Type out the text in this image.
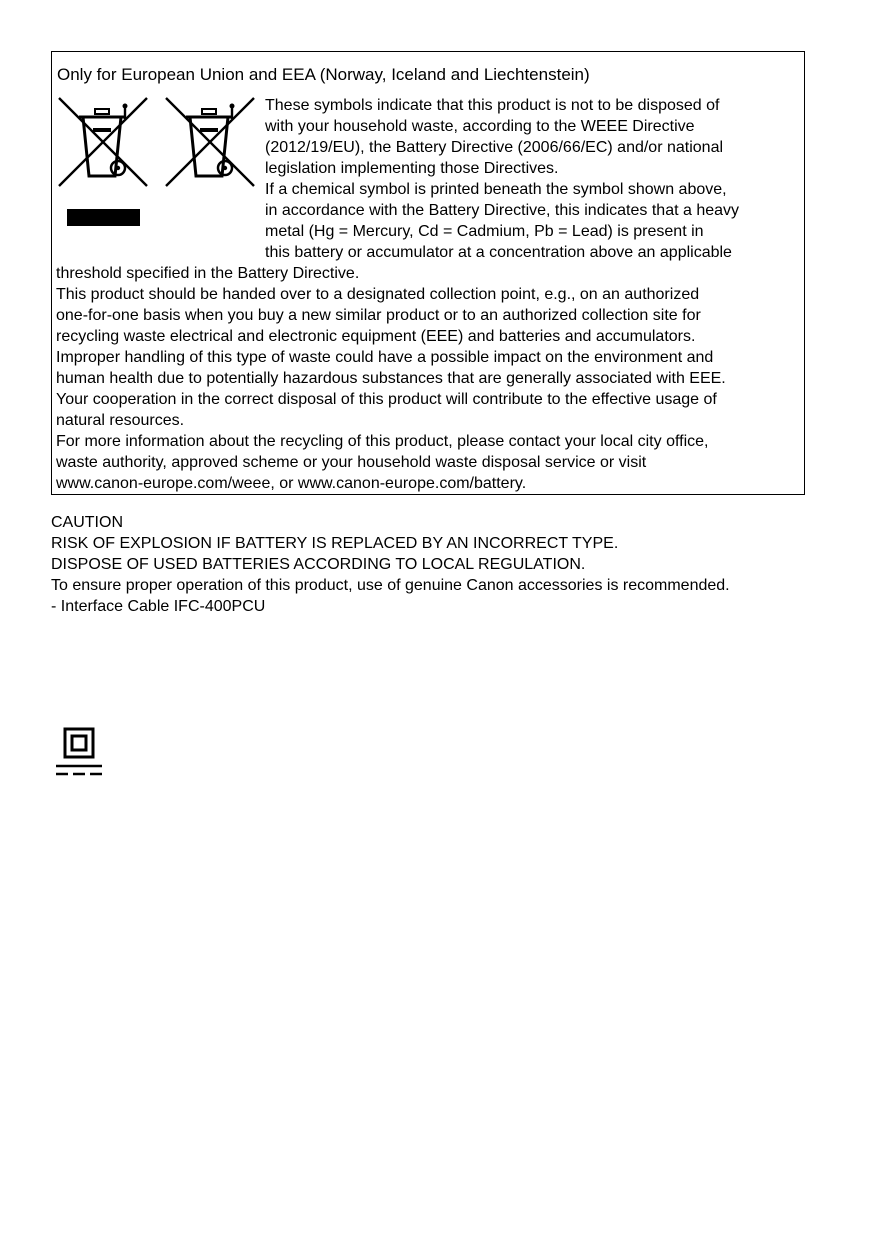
Only for European Union and EEA (Norway, Iceland and Liechtenstein)
These symbols indicate that this product is not to be disposed of
with your household waste, according to the WEEE Directive
(2012/19/EU), the Battery Directive (2006/66/EC) and/or national
legislation implementing those Directives.
If a chemical symbol is printed beneath the symbol shown above,
in accordance with the Battery Directive, this indicates that a heavy
metal (Hg = Mercury, Cd = Cadmium, Pb = Lead) is present in
this battery or accumulator at a concentration above an applicable
threshold specified in the Battery Directive.
This product should be handed over to a designated collection point, e.g., on an authorized
one-for-one basis when you buy a new similar product or to an authorized collection site for
recycling waste electrical and electronic equipment (EEE) and batteries and accumulators.
Improper handling of this type of waste could have a possible impact on the environment and
human health due to potentially hazardous substances that are generally associated with EEE.
Your cooperation in the correct disposal of this product will contribute to the effective usage of
natural resources.
For more information about the recycling of this product, please contact your local city office,
waste authority, approved scheme or your household waste disposal service or visit
www.canon-europe.com/weee, or www.canon-europe.com/battery.
CAUTION
RISK OF EXPLOSION IF BATTERY IS REPLACED BY AN INCORRECT TYPE.
DISPOSE OF USED BATTERIES ACCORDING TO LOCAL REGULATION.
To ensure proper operation of this product, use of genuine Canon accessories is recommended.
- Interface Cable IFC-400PCU
